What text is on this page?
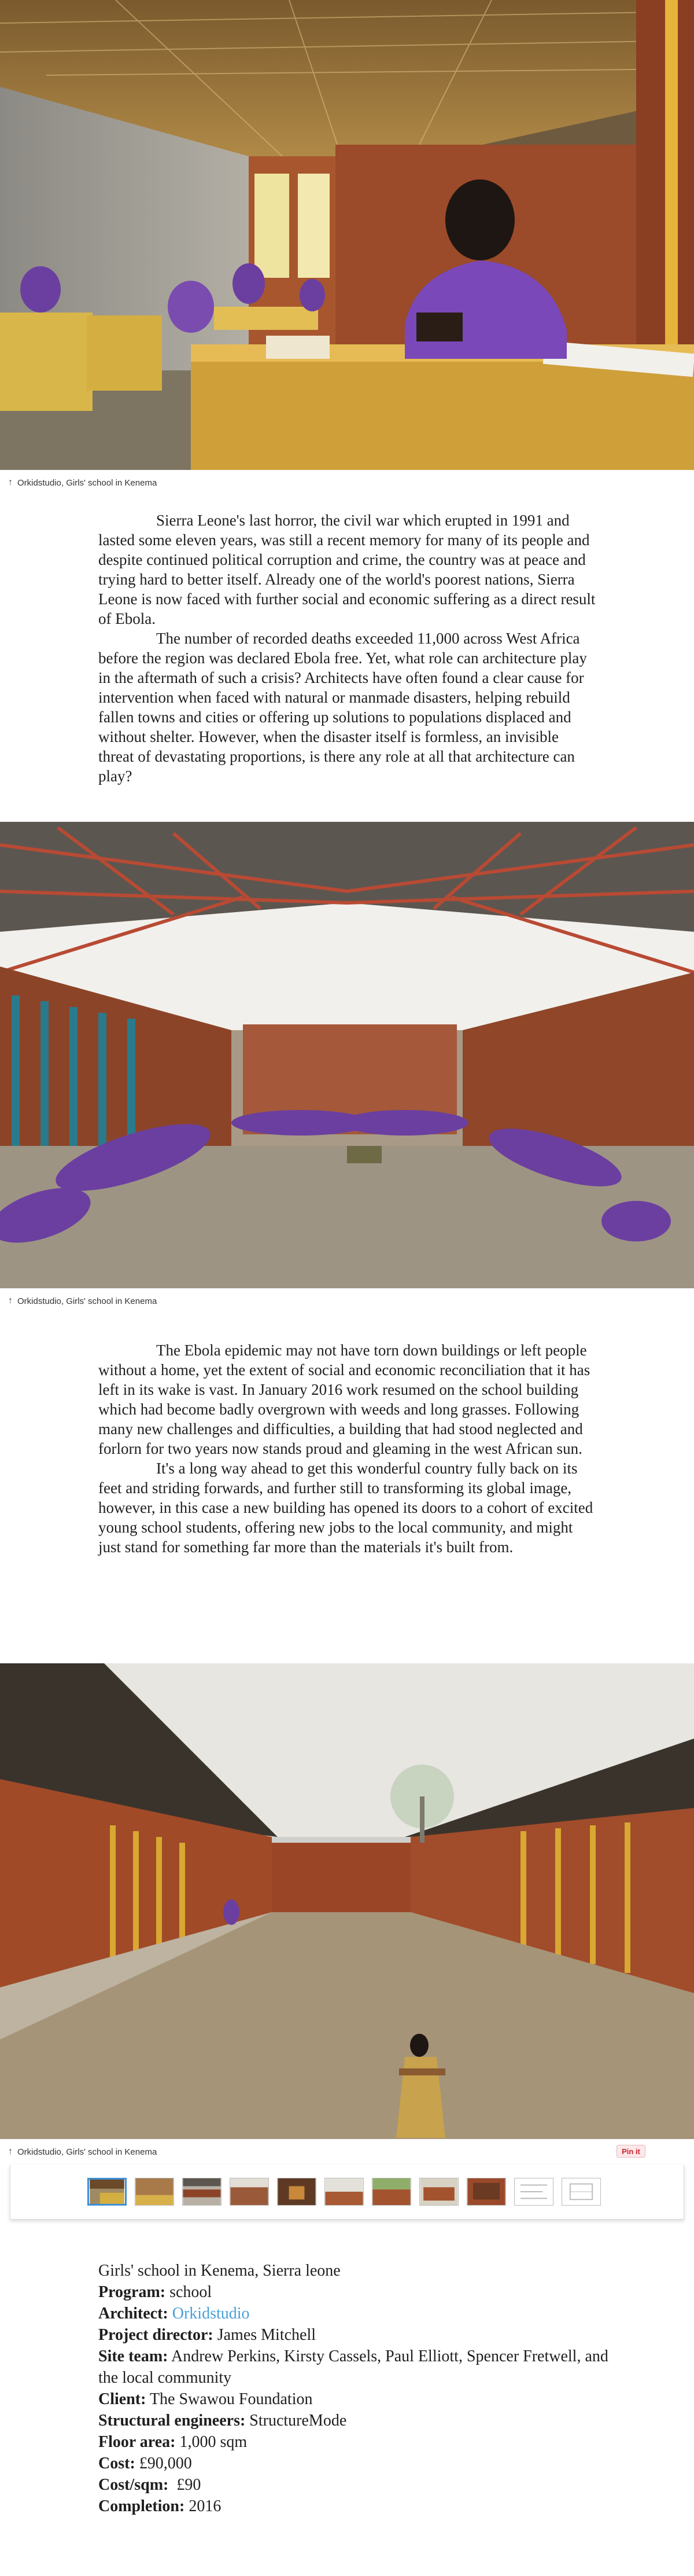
↑ Orkidstudio, Girls' school in Kenema

Sierra Leone's last horror, the civil war which erupted in 1991 and lasted some eleven years, was still a recent memory for many of its people and despite continued political corruption and crime, the country was at peace and trying hard to better itself. Already one of the world's poorest nations, Sierra Leone is now faced with further social and economic suffering as a direct result of Ebola.

The number of recorded deaths exceeded 11,000 across West Africa before the region was declared Ebola free. Yet, what role can architecture play in the aftermath of such a crisis? Architects have often found a clear cause for intervention when faced with natural or manmade disasters, helping rebuild fallen towns and cities or offering up solutions to populations displaced and without shelter. However, when the disaster itself is formless, an invisible threat of devastating proportions, is there any role at all that architecture can play?

↑ Orkidstudio, Girls' school in Kenema

The Ebola epidemic may not have torn down buildings or left people without a home, yet the extent of social and economic reconciliation that it has left in its wake is vast. In January 2016 work resumed on the school building which had become badly overgrown with weeds and long grasses. Following many new challenges and difficulties, a building that had stood neglected and forlorn for two years now stands proud and gleaming in the west African sun.

It's a long way ahead to get this wonderful country fully back on its feet and striding forwards, and further still to transforming its global image, however, in this case a new building has opened its doors to a cohort of excited young school students, offering new jobs to the local community, and might just stand for something far more than the materials it's built from.

↑ Orkidstudio, Girls' school in Kenema	Pin it
Girls' school in Kenema, Sierra leone
Program: school
Architect: Orkidstudio
Project director: James Mitchell
Site team: Andrew Perkins, Kirsty Cassels, Paul Elliott, Spencer Fretwell, and the local community
Client: The Swawou Foundation
Structural engineers: StructureMode
Floor area: 1,000 sqm
Cost: £90,000
Cost/sqm: £90
Completion: 2016
